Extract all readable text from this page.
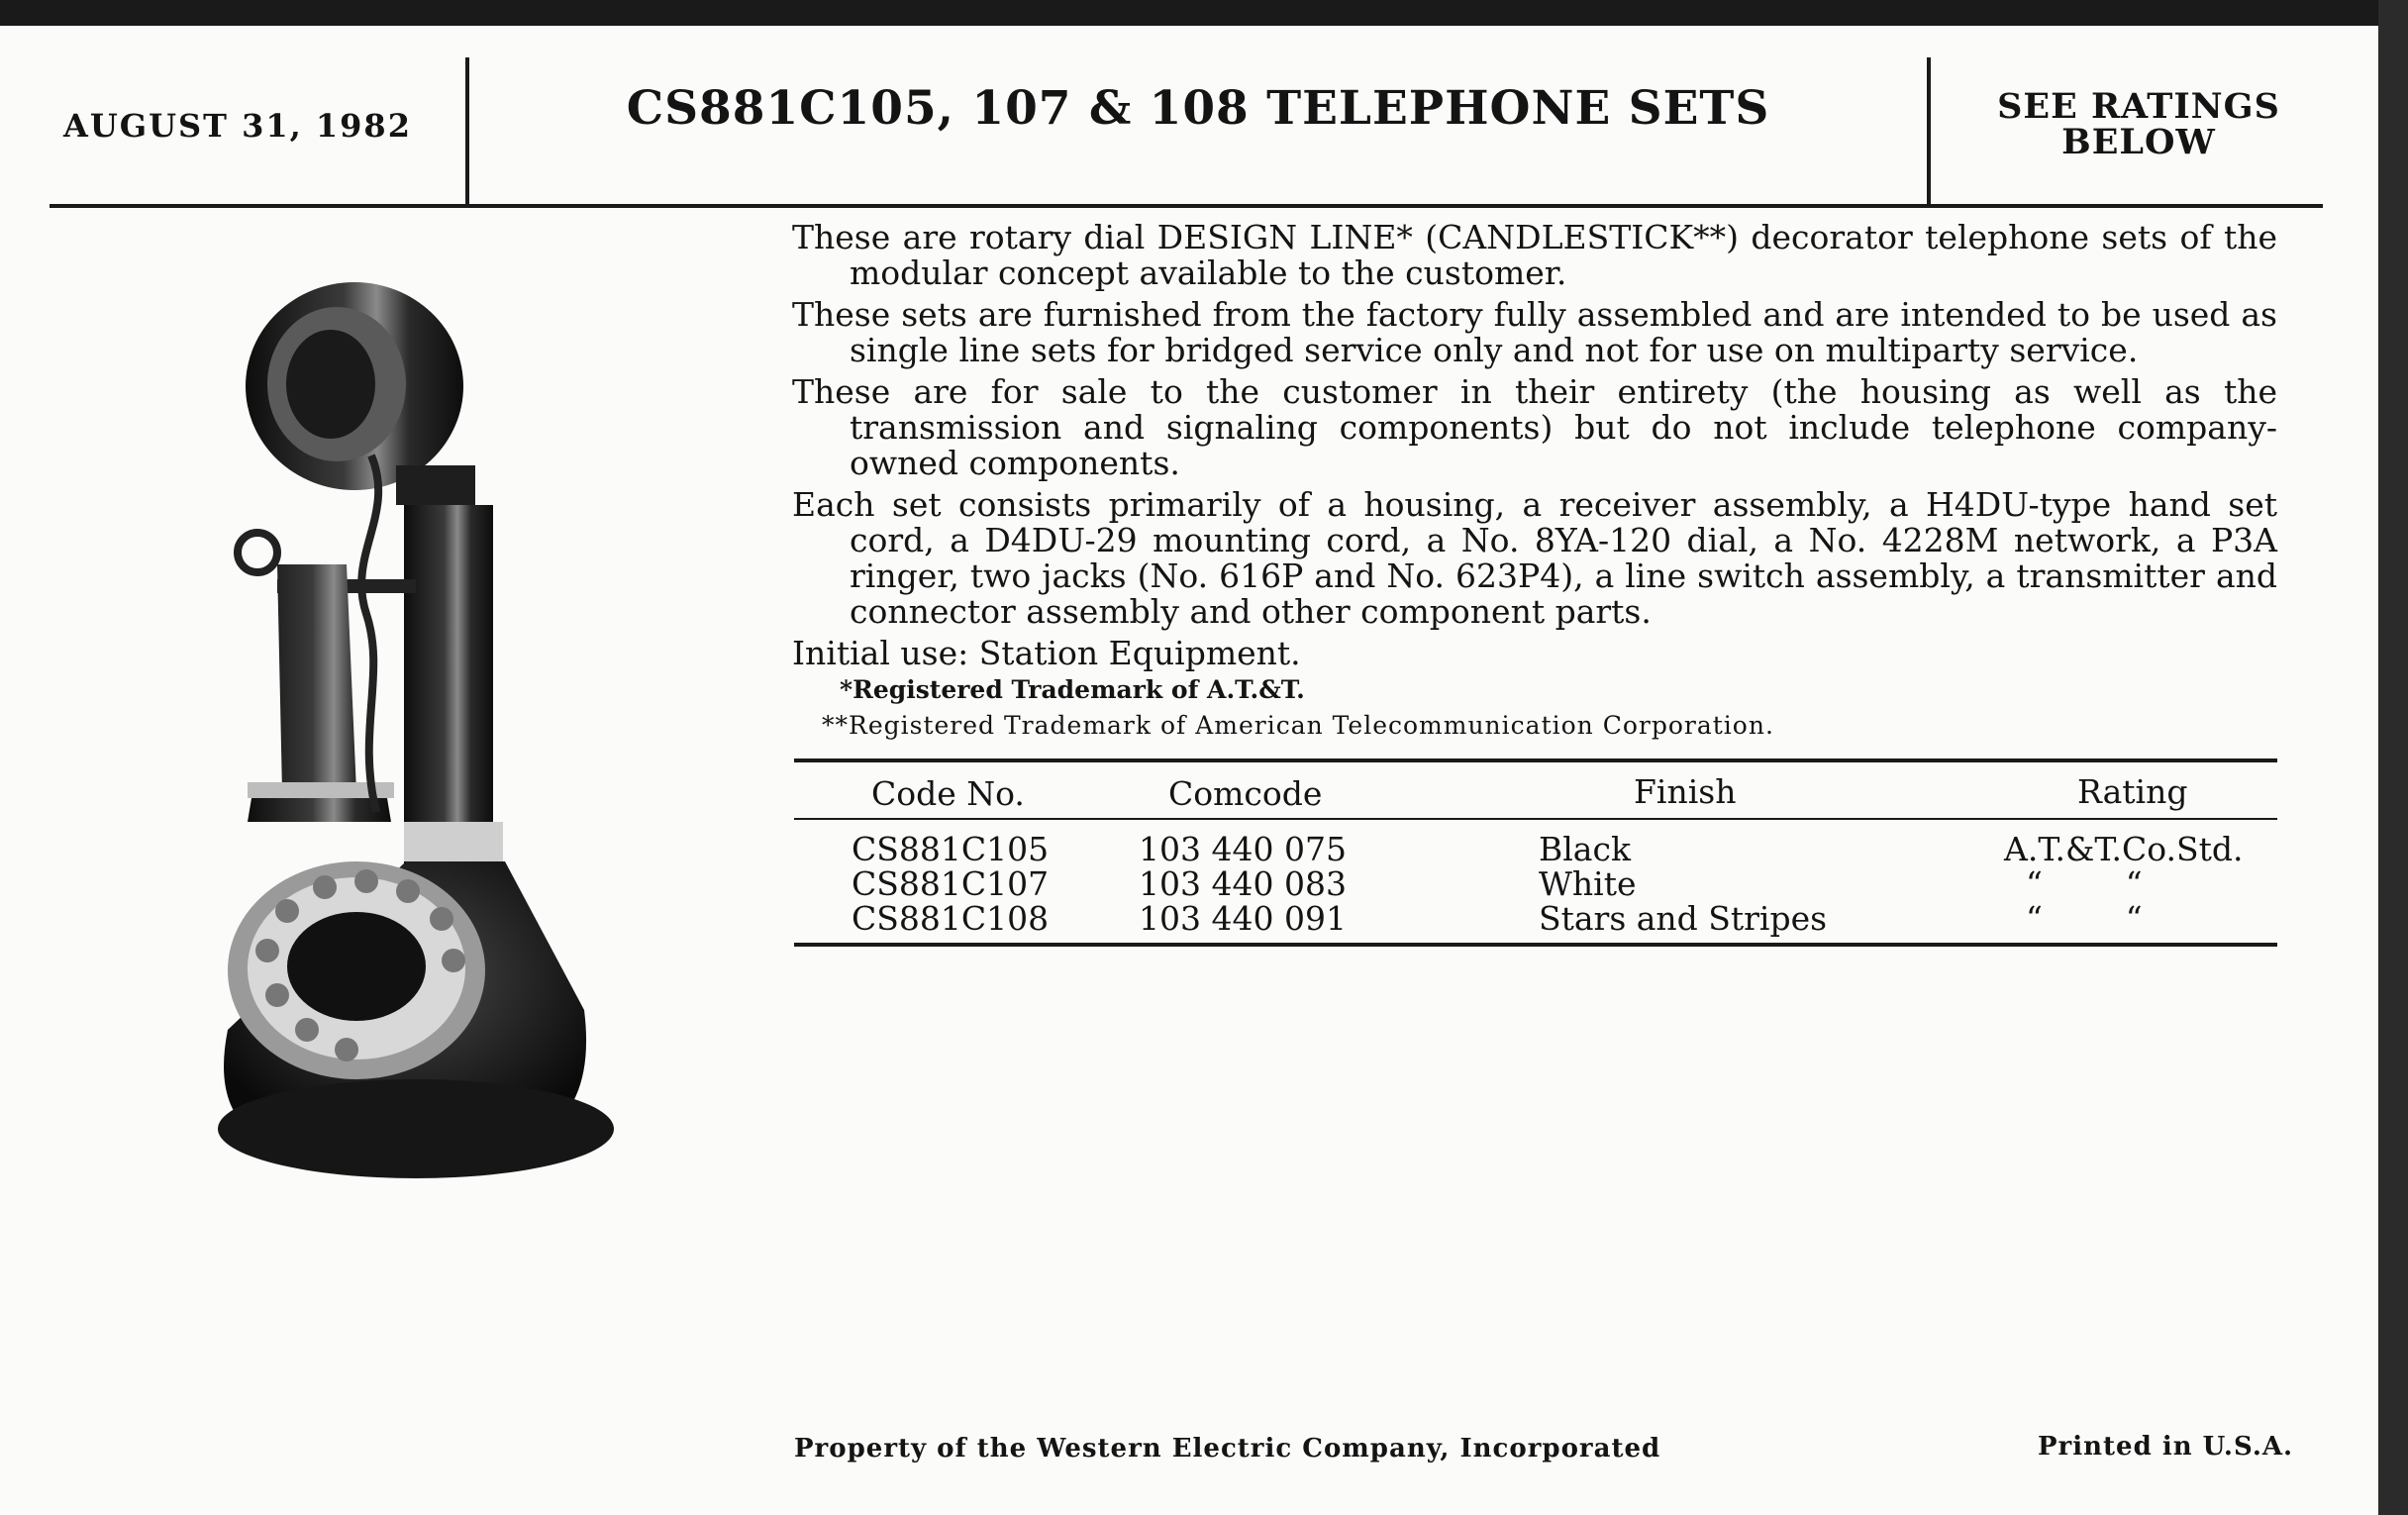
AUGUST 31, 1982	CS881C105, 107 & 108 TELEPHONE SETS	SEE RATINGS
BELOW

These are rotary dial DESIGN LINE* (CANDLESTICK**) decorator telephone sets of the modular concept available to the customer.

These sets are furnished from the factory fully assembled and are intended to be used as single line sets for bridged service only and not for use on multiparty service.

These are for sale to the customer in their entirety (the housing as well as the transmission and signaling components) but do not include telephone company-owned components.

Each set consists primarily of a housing, a receiver assembly, a H4DU-type hand set cord, a D4DU-29 mounting cord, a No. 8YA-120 dial, a No. 4228M network, a P3A ringer, two jacks (No. 616P and No. 623P4), a line switch assembly, a transmitter and connector assembly and other component parts.

Initial use: Station Equipment.

*Registered Trademark of A.T.&T.
**Registered Trademark of American Telecommunication Corporation.
Code No.	Comcode	Finish	Rating
CS881C105	103 440 075	Black	A.T.&T.Co.Std.
CS881C107	103 440 083	White	“        “
CS881C108	103 440 091	Stars and Stripes	“        “
Property of the Western Electric Company, Incorporated	Printed in U.S.A.
